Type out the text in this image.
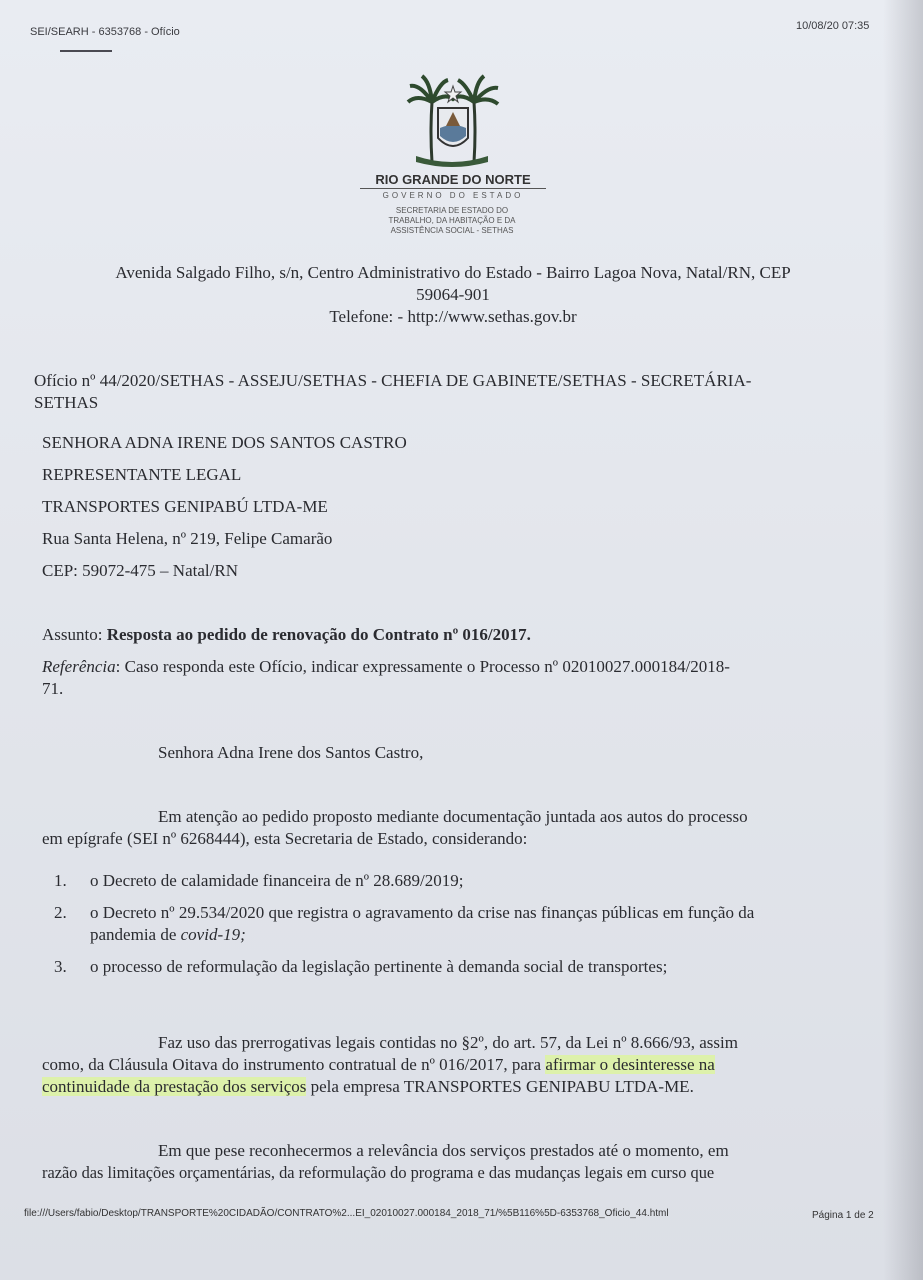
SEI/SEARH - 6353768 - Ofício	10/08/20 07:35
RIO GRANDE DO NORTE
GOVERNO DO ESTADO
SECRETARIA DE ESTADO DO
TRABALHO, DA HABITAÇÃO E DA
ASSISTÊNCIA SOCIAL - SETHAS
Avenida Salgado Filho, s/n, Centro Administrativo do Estado - Bairro Lagoa Nova, Natal/RN, CEP
59064-901
Telefone: - http://www.sethas.gov.br
Ofício nº 44/2020/SETHAS - ASSEJU/SETHAS - CHEFIA DE GABINETE/SETHAS - SECRETÁRIA-
SETHAS
SENHORA ADNA IRENE DOS SANTOS CASTRO
REPRESENTANTE LEGAL
TRANSPORTES GENIPABÚ LTDA-ME
Rua Santa Helena, nº 219, Felipe Camarão
CEP: 59072-475 – Natal/RN
Assunto: Resposta ao pedido de renovação do Contrato nº 016/2017.
Referência: Caso responda este Ofício, indicar expressamente o Processo nº 02010027.000184/2018-
71.
Senhora Adna Irene dos Santos Castro,
Em atenção ao pedido proposto mediante documentação juntada aos autos do processo
em epígrafe (SEI nº 6268444), esta Secretaria de Estado, considerando:
1. o Decreto de calamidade financeira de nº 28.689/2019;
2. o Decreto nº 29.534/2020 que registra o agravamento da crise nas finanças públicas em função da
pandemia de covid-19;
3. o processo de reformulação da legislação pertinente à demanda social de transportes;
Faz uso das prerrogativas legais contidas no §2º, do art. 57, da Lei nº 8.666/93, assim
como, da Cláusula Oitava do instrumento contratual de nº 016/2017, para afirmar o desinteresse na
continuidade da prestação dos serviços pela empresa TRANSPORTES GENIPABU LTDA-ME.
Em que pese reconhecermos a relevância dos serviços prestados até o momento, em
razão das limitações orçamentárias, da reformulação do programa e das mudanças legais em curso que
file:///Users/fabio/Desktop/TRANSPORTE%20CIDADÃO/CONTRATO%2...EI_02010027.000184_2018_71/%5B116%5D-6353768_Oficio_44.html	Página 1 de 2
